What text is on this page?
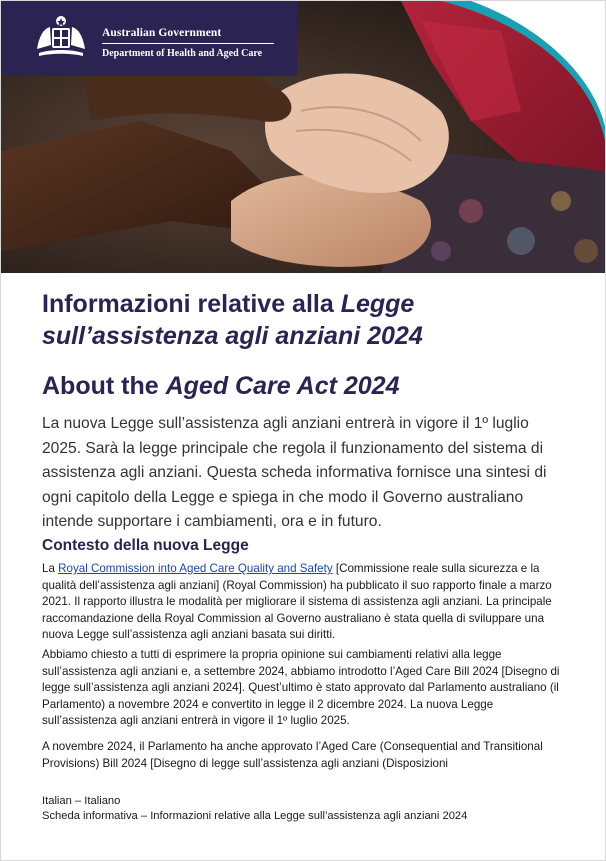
Australian Government
Department of Health and Aged Care
Informazioni relative alla Legge
sull’assistenza agli anziani 2024
About the Aged Care Act 2024

La nuova Legge sull’assistenza agli anziani entrerà in vigore il 1º luglio 2025. Sarà la legge principale che regola il funzionamento del sistema di assistenza agli anziani. Questa scheda informativa fornisce una sintesi di ogni capitolo della Legge e spiega in che modo il Governo australiano intende supportare i cambiamenti, ora e in futuro.

Contesto della nuova Legge

La Royal Commission into Aged Care Quality and Safety [Commissione reale sulla sicurezza e la qualità dell’assistenza agli anziani] (Royal Commission) ha pubblicato il suo rapporto finale a marzo 2021. Il rapporto illustra le modalità per migliorare il sistema di assistenza agli anziani. La principale raccomandazione della Royal Commission al Governo australiano è stata quella di sviluppare una nuova Legge sull’assistenza agli anziani basata sui diritti.

Abbiamo chiesto a tutti di esprimere la propria opinione sui cambiamenti relativi alla legge sull’assistenza agli anziani e, a settembre 2024, abbiamo introdotto l’Aged Care Bill 2024 [Disegno di legge sull’assistenza agli anziani 2024]. Quest’ultimo è stato approvato dal Parlamento australiano (il Parlamento) a novembre 2024 e convertito in legge il 2 dicembre 2024. La nuova Legge sull’assistenza agli anziani entrerà in vigore il 1º luglio 2025.

A novembre 2024, il Parlamento ha anche approvato l’Aged Care (Consequential and Transitional Provisions) Bill 2024 [Disegno di legge sull’assistenza agli anziani (Disposizioni

Italian – Italiano
Scheda informativa – Informazioni relative alla Legge sull’assistenza agli anziani 2024
